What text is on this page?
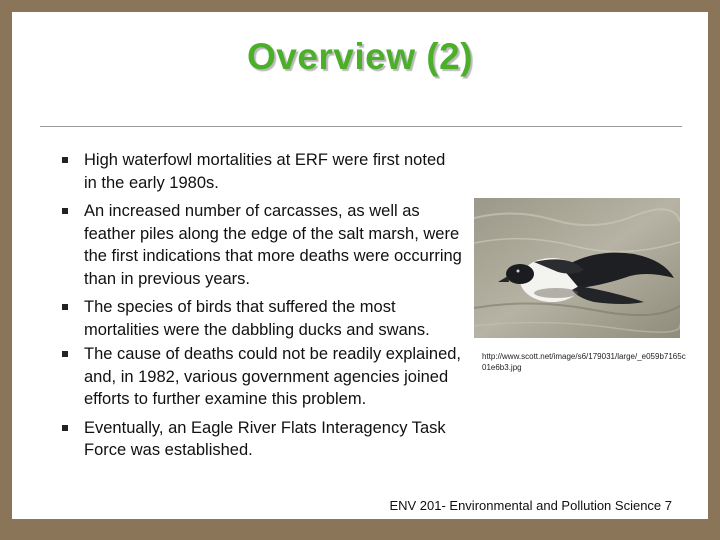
Overview (2)
High waterfowl mortalities at ERF were first noted in the early 1980s.
An increased number of carcasses, as well as feather piles along the edge of the salt marsh, were the first indications that more deaths were occurring than in previous years.
The species of birds that suffered the most mortalities were the dabbling ducks and swans.
The cause of deaths could not be readily explained, and, in 1982, various government agencies joined efforts to further examine this problem.
Eventually, an Eagle River Flats Interagency Task Force was established.
http://www.scott.net/image/s6/179031/large/_e059b7165c01e6b3.jpg
ENV 201- Environmental and Pollution Science 7
